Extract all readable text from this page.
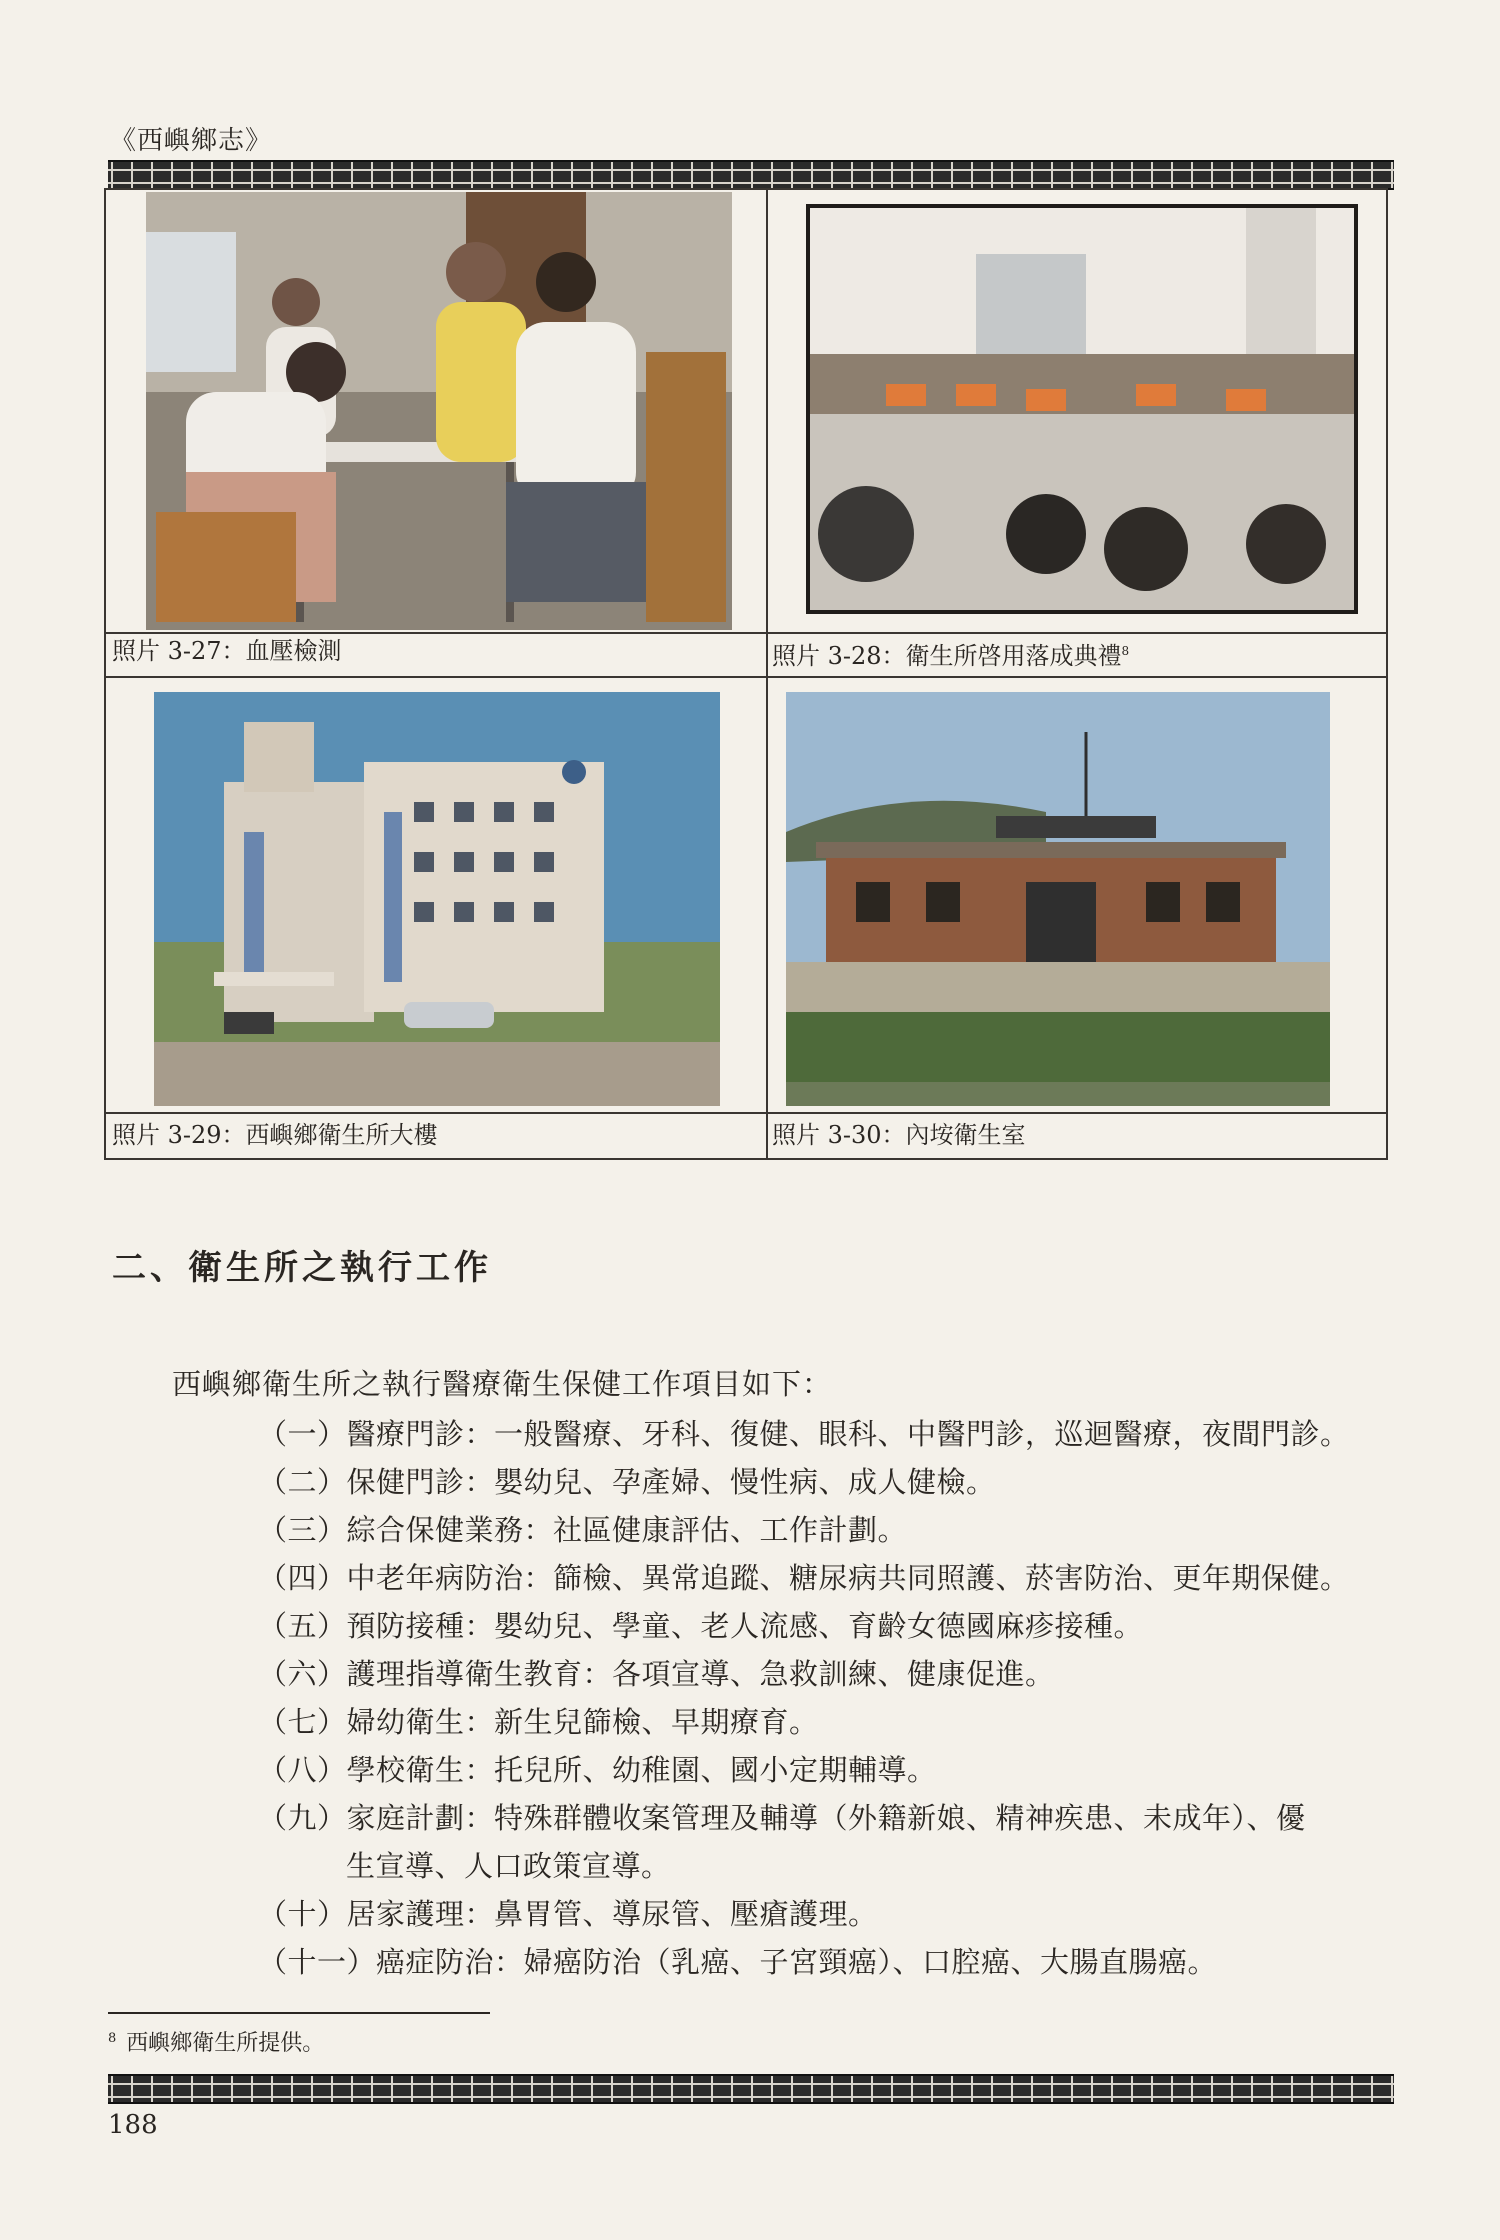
《西嶼鄉志》
照片 3-27：血壓檢測	照片 3-28：衛生所啓用落成典禮$^8$
照片 3-29：西嶼鄉衛生所大樓	照片 3-30：內垵衛生室
二、衛生所之執行工作
西嶼鄉衛生所之執行醫療衛生保健工作項目如下：
（一）醫療門診：一般醫療、牙科、復健、眼科、中醫門診，巡迴醫療，夜間門診。
（二）保健門診：嬰幼兒、孕產婦、慢性病、成人健檢。
（三）綜合保健業務：社區健康評估、工作計劃。
（四）中老年病防治：篩檢、異常追蹤、糖尿病共同照護、菸害防治、更年期保健。
（五）預防接種：嬰幼兒、學童、老人流感、育齡女德國麻疹接種。
（六）護理指導衛生教育：各項宣導、急救訓練、健康促進。
（七）婦幼衛生：新生兒篩檢、早期療育。
（八）學校衛生：托兒所、幼稚園、國小定期輔導。
（九）家庭計劃：特殊群體收案管理及輔導（外籍新娘、精神疾患、未成年）、優
生宣導、人口政策宣導。
（十）居家護理：鼻胃管、導尿管、壓瘡護理。
（十一）癌症防治：婦癌防治（乳癌、子宮頸癌）、口腔癌、大腸直腸癌。
$^8$ 西嶼鄉衛生所提供。
188
